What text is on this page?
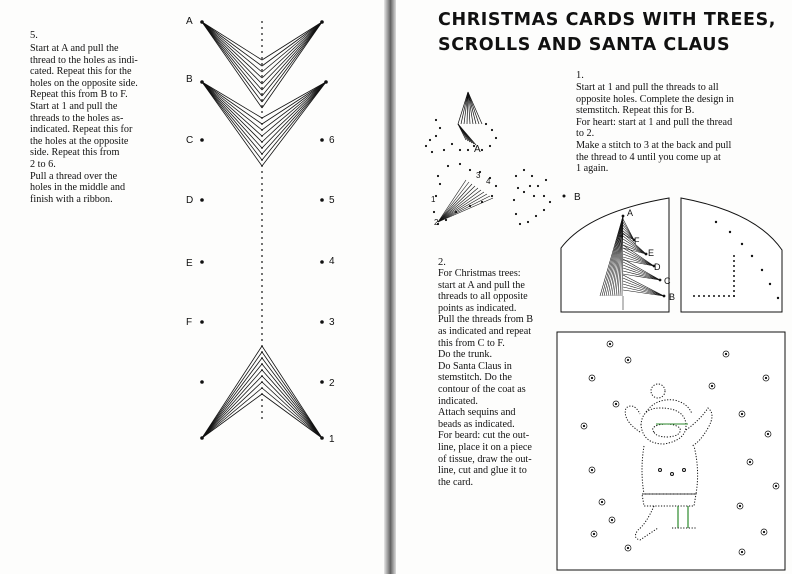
5.
Start at A and pull the
thread to the holes as indi-
cated. Repeat this for the
holes on the opposite side.
Repeat this from B to F.
Start at 1 and pull the
threads to the holes as-
indicated. Repeat this for
the holes at the opposite
side. Repeat this from
2 to 6.
Pull a thread over the
holes in the middle and
finish with a ribbon.
A
B
C
D
E
F
6
5
4
3
2
1
CHRISTMAS CARDS WITH TREES,
SCROLLS AND SANTA CLAUS
1.
Start at 1 and pull the threads to all
opposite holes. Complete the design in
stemstitch. Repeat this for B.
For heart: start at 1 and pull the thread
to 2.
Make a stitch to 3 at the back and pull
the thread to 4 until you come up at
1 again.
2.
For Christmas trees:
start at A and pull the
threads to all opposite
points as indicated.
Pull the threads from B
as indicated and repeat
this from C to F.
Do the trunk.
Do Santa Claus in
stemstitch. Do the
contour of the coat as
indicated.
Attach sequins and
beads as indicated.
For beard: cut the out-
line, place it on a piece
of tissue, draw the out-
line, cut and glue it to
the card.
A
1
2
3
4
B
A
F
E
D
C
B
